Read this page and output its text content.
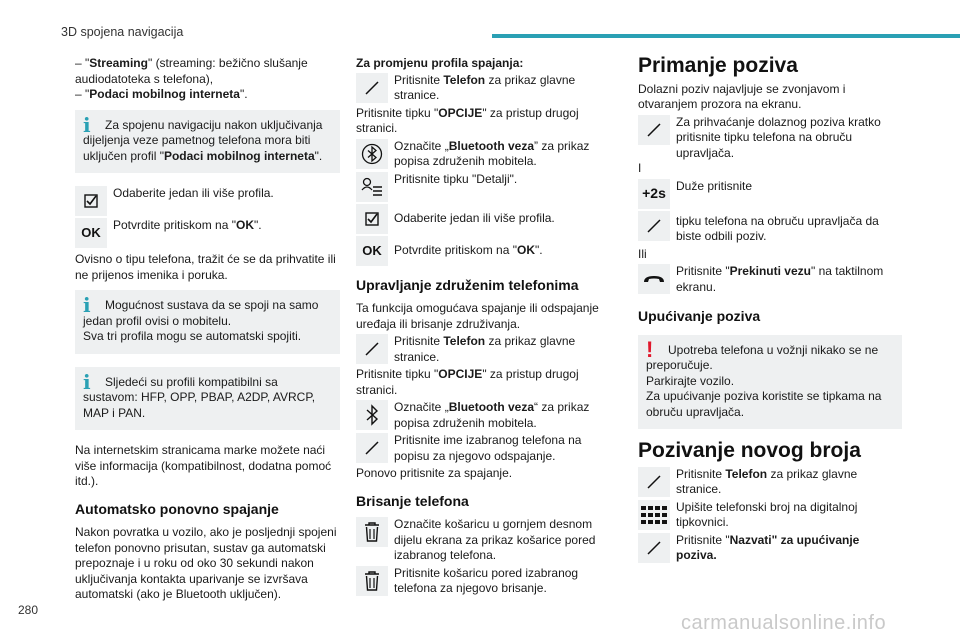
3D spojena navigacija

– "Streaming" (streaming: bežično slušanje audiodatoteka s telefona),
– "Podaci mobilnog interneta".

i Za spojenu navigaciju nakon uključivanja dijeljenja veze pametnog telefona mora biti uključen profil "Podaci mobilnog interneta".
Odaberite jedan ili više profila.
OK
Potvrdite pritiskom na "OK".

Ovisno o tipu telefona, tražit će se da prihvatite ili ne prijenos imenika i poruka.

i Mogućnost sustava da se spoji na samo jedan profil ovisi o mobitelu.
Sva tri profila mogu se automatski spojiti.
i Sljedeći su profili kompatibilni sa sustavom: HFP, OPP, PBAP, A2DP, AVRCP, MAP i PAN.

Na internetskim stranicama marke možete naći više informacija (kompatibilnost, dodatna pomoć itd.).

Automatsko ponovno spajanje

Nakon povratka u vozilo, ako je posljednji spojeni telefon ponovno prisutan, sustav ga automatski prepoznaje i u roku od oko 30 sekundi nakon uključivanja kontakta uparivanje se izvršava automatski (ako je Bluetooth uključen).

Za promjenu profila spajanja:

Pritisnite Telefon za prikaz glavne stranice.

Pritisnite tipku "OPCIJE" za pristup drugoj stranici.

Označite „Bluetooth veza” za prikaz popisa združenih mobitela.
Pritisnite tipku "Detalji".
Odaberite jedan ili više profila.
OK	Potvrdite pritiskom na "OK".
Upravljanje združenim telefonima

Ta funkcija omogućava spajanje ili odspajanje uređaja ili brisanje združivanja.

Pritisnite Telefon za prikaz glavne stranice.

Pritisnite tipku "OPCIJE" za pristup drugoj stranici.

Označite „Bluetooth veza“ za prikaz popisa združenih mobitela.
Pritisnite ime izabranog telefona na popisu za njegovo odspajanje.

Ponovo pritisnite za spajanje.

Brisanje telefona
Označite košaricu u gornjem desnom dijelu ekrana za prikaz košarice pored izabranog telefona.
Pritisnite košaricu pored izabranog telefona za njegovo brisanje.
Primanje poziva

Dolazni poziv najavljuje se zvonjavom i otvaranjem prozora na ekranu.

Za prihvaćanje dolaznog poziva kratko pritisnite tipku telefona na obruču upravljača.

I

+2s Duže pritisnite
tipku telefona na obruču upravljača da biste odbili poziv.

Ili

Pritisnite "Prekinuti vezu" na taktilnom ekranu.
Upućivanje poziva
! Upotreba telefona u vožnji nikako se ne preporučuje.
Parkirajte vozilo.
Za upućivanje poziva koristite se tipkama na obruču upravljača.
Pozivanje novog broja
Pritisnite Telefon za prikaz glavne stranice.
Upišite telefonski broj na digitalnoj tipkovnici.
Pritisnite "Nazvati" za upućivanje poziva.
280
carmanualsonline.info
